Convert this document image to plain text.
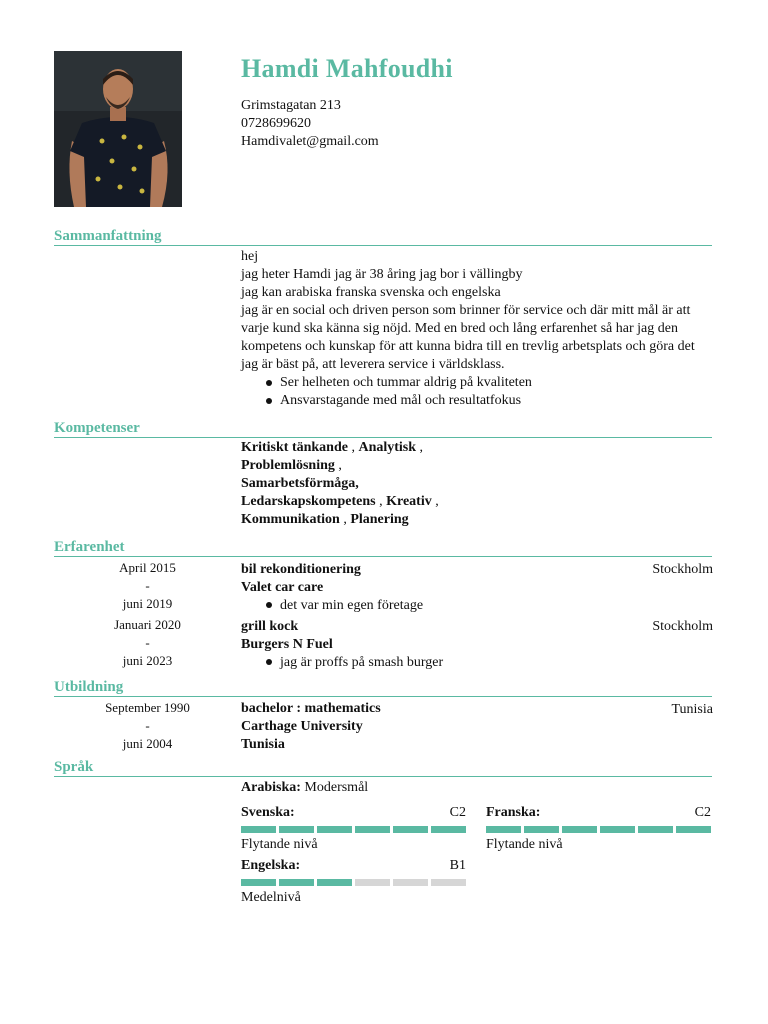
Hamdi Mahfoudhi
Grimstagatan 213
0728699620
Hamdivalet@gmail.com
Sammanfattning

hej

jag heter Hamdi jag är 38 åring jag bor i vällingby

jag kan arabiska franska svenska och engelska

jag är en social och driven person som brinner för service och där mitt mål är att varje kund ska känna sig nöjd. Med en bred och lång erfarenhet så har jag den kompetens och kunskap för att kunna bidra till en trevlig arbetsplats och göra det jag är bäst på, att leverera service i världsklass.

Ser helheten och tummar aldrig på kvaliteten
Ansvarstagande med mål och resultatfokus
Kompetenser
Kritiskt tänkande , Analytisk ,
Problemlösning ,
Samarbetsförmåga,
Ledarskapskompetens , Kreativ ,
Kommunikation , Planering
Erfarenhet
April 2015
-
juni 2019
bil rekonditionering	Stockholm
Valet car care
det var min egen företage
Januari 2020
-
juni 2023
grill kock	Stockholm
Burgers N Fuel
jag är proffs på smash burger
Utbildning
September 1990
-
juni 2004
bachelor : mathematics	Tunisia
Carthage University
Tunisia
Språk
Arabiska: Modersmål
Svenska:	C2
Flytande nivå
Franska:	C2
Flytande nivå
Engelska:	B1
Medelnivå
